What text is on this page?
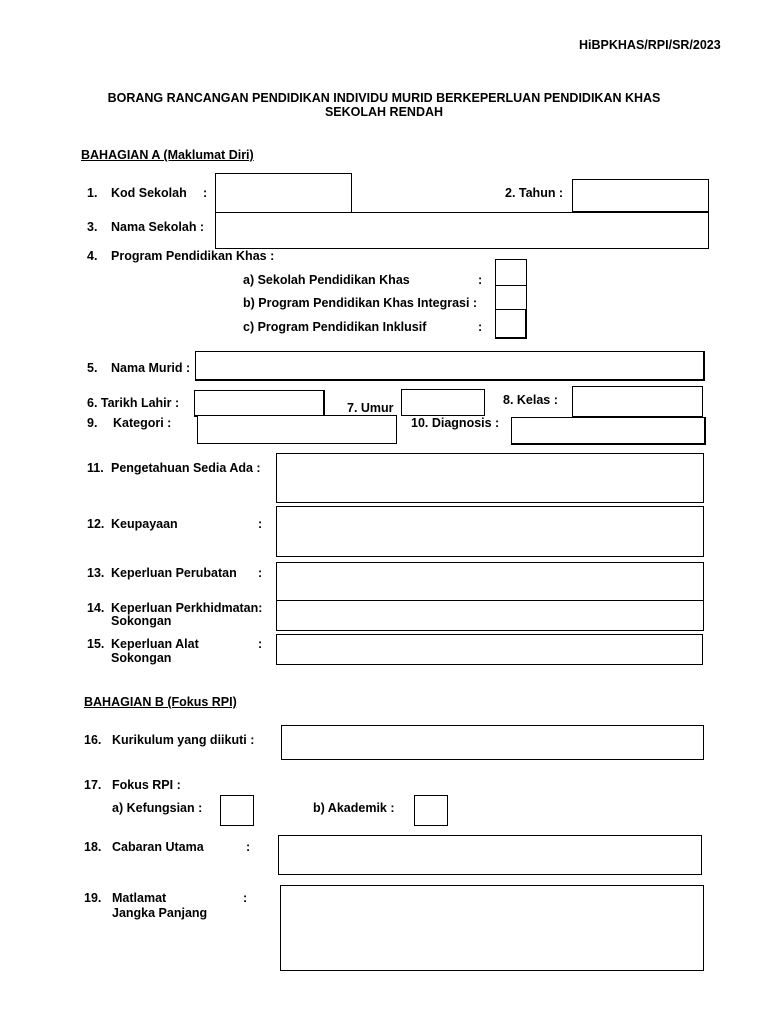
HiBPKHAS/RPI/SR/2023
BORANG RANCANGAN PENDIDIKAN INDIVIDU MURID BERKEPERLUAN PENDIDIKAN KHAS
SEKOLAH RENDAH
BAHAGIAN A (Maklumat Diri)
1. Kod Sekolah :	2. Tahun :
3. Nama Sekolah :
4. Program Pendidikan Khas :
a) Sekolah Pendidikan Khas	:
b) Program Pendidikan Khas Integrasi :
c) Program Pendidikan Inklusif	:
5. Nama Murid :
6. Tarikh Lahir :	7. Umur
8. Kelas :
9. Kategori :	10. Diagnosis :
11. Pengetahuan Sedia Ada :
12. Keupayaan	:
13. Keperluan Perubatan :
14. Keperluan Perkhidmatan:
Sokongan
15. Keperluan Alat
Sokongan
:
BAHAGIAN B (Fokus RPI)
16. Kurikulum yang diikuti :
17. Fokus RPI :
a) Kefungsian :	b) Akademik :
18. Cabaran Utama	:
19. Matlamat
Jangka Panjang
:
